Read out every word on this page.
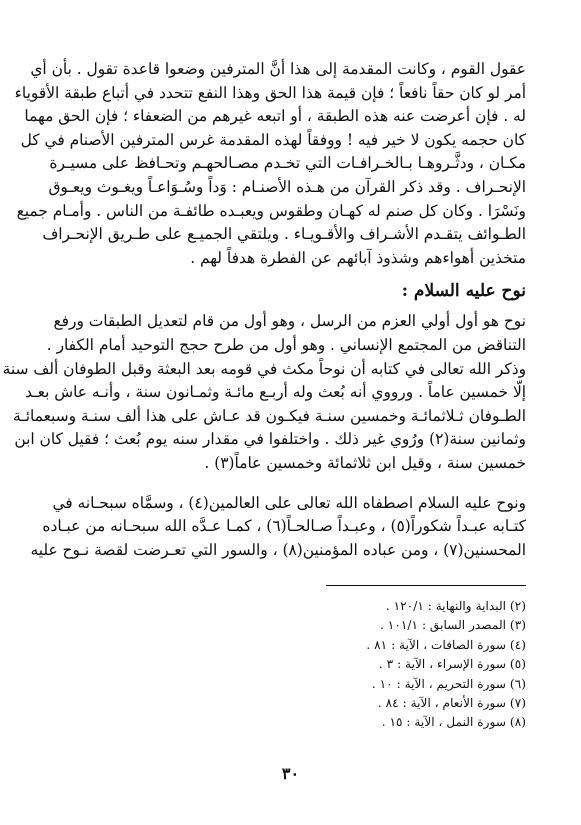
عقول القوم ، وكانت المقدمة إلى هذا أنَّ المترفين وضعوا قاعدة تقول . بأن أي
أمر لو كان حقاً نافعاً ؛ فإن قيمة هذا الحق وهذا النفع تتحدد في أتباع طبقة الأقوياء
له . فإن أعرضت عنه هذه الطبقة ، أو اتبعه غيرهم من الضعفاء ؛ فإن الحق مهما
كان حجمه يكون لا خير فيه ! ووفقاً لهذه المقدمة غرس المترفين الأصنام في كل
مكـان ، ودثَّـروهـا بـالخـرافـات التي تخـدم مصـالحهـم وتحـافظ على مسيـرة
الإنحـراف . وقد ذكر القرآن من هـذه الأصنـام : وَداً وسُـوَاعـاً ويغـوث ويعـوق
ونَسْرَا . وكان كل صنم له كهـان وطقوس ويعبـده طائفـة من الناس . وأمـام جميع
الطـوائف يتقـدم الأشـراف والأقـويـاء . ويلتقي الجميـع على طـريق الإنحـراف
متخذين أهواءهم وشذوذ آبائهم عن الفطرة هدفاً لهم .
نوح عليه السلام :
نوح هو أول أولي العزم من الرسل ، وهو أول من قام لتعديل الطبقات ورفع
التناقض من المجتمع الإنساني . وهو أول من طرح حجج التوحيد أمام الكفار .
وذكر الله تعالى في كتابه أن نوحاً مكث في قومه بعد البعثة وقبل الطوفان ألف سنة
إلّا خمسين عاماً . ورووي أنه بُعث وله أربـع مائـة وثمـانون سنة ، وأنـه عاش بعـد
الطـوفان ثـلاثمائـة وخمسين سنـة فيكـون قد عـاش على هذا ألف سنـة وسبعمائـة
وثمانين سنة(٢) ورُوي غير ذلك . واختلفوا في مقدار سنه يوم بُعث ؛ فقيل كان ابن
خمسين سنة ، وقيل ابن ثلاثمائة وخمسين عاماً(٣) .
ونوح عليه السلام اصطفاه الله تعالى على العالمين(٤) ، وسمَّاه سبحـانه في
كتـابه عبـداً شكوراً(٥) ، وعبـداً صـالحـاً(٦) ، كمـا عـدَّه الله سبحـانه من عبـاده
المحسنين(٧) ، ومن عباده المؤمنين(٨) ، والسور التي تعـرضت لقصة نـوح عليه
(٢) البداية والنهاية : ١٢٠/١ .
(٣) المصدر السابق : ١٠١/١ .
(٤) سورة الصافات ، الآية : ٨١ .
(٥) سورة الإسراء ، الآية : ٣ .
(٦) سورة التحريم ، الآية : ١٠ .
(٧) سورة الأنعام ، الآية : ٨٤ .
(٨) سورة النمل ، الآية : ١٥ .
٣٠
